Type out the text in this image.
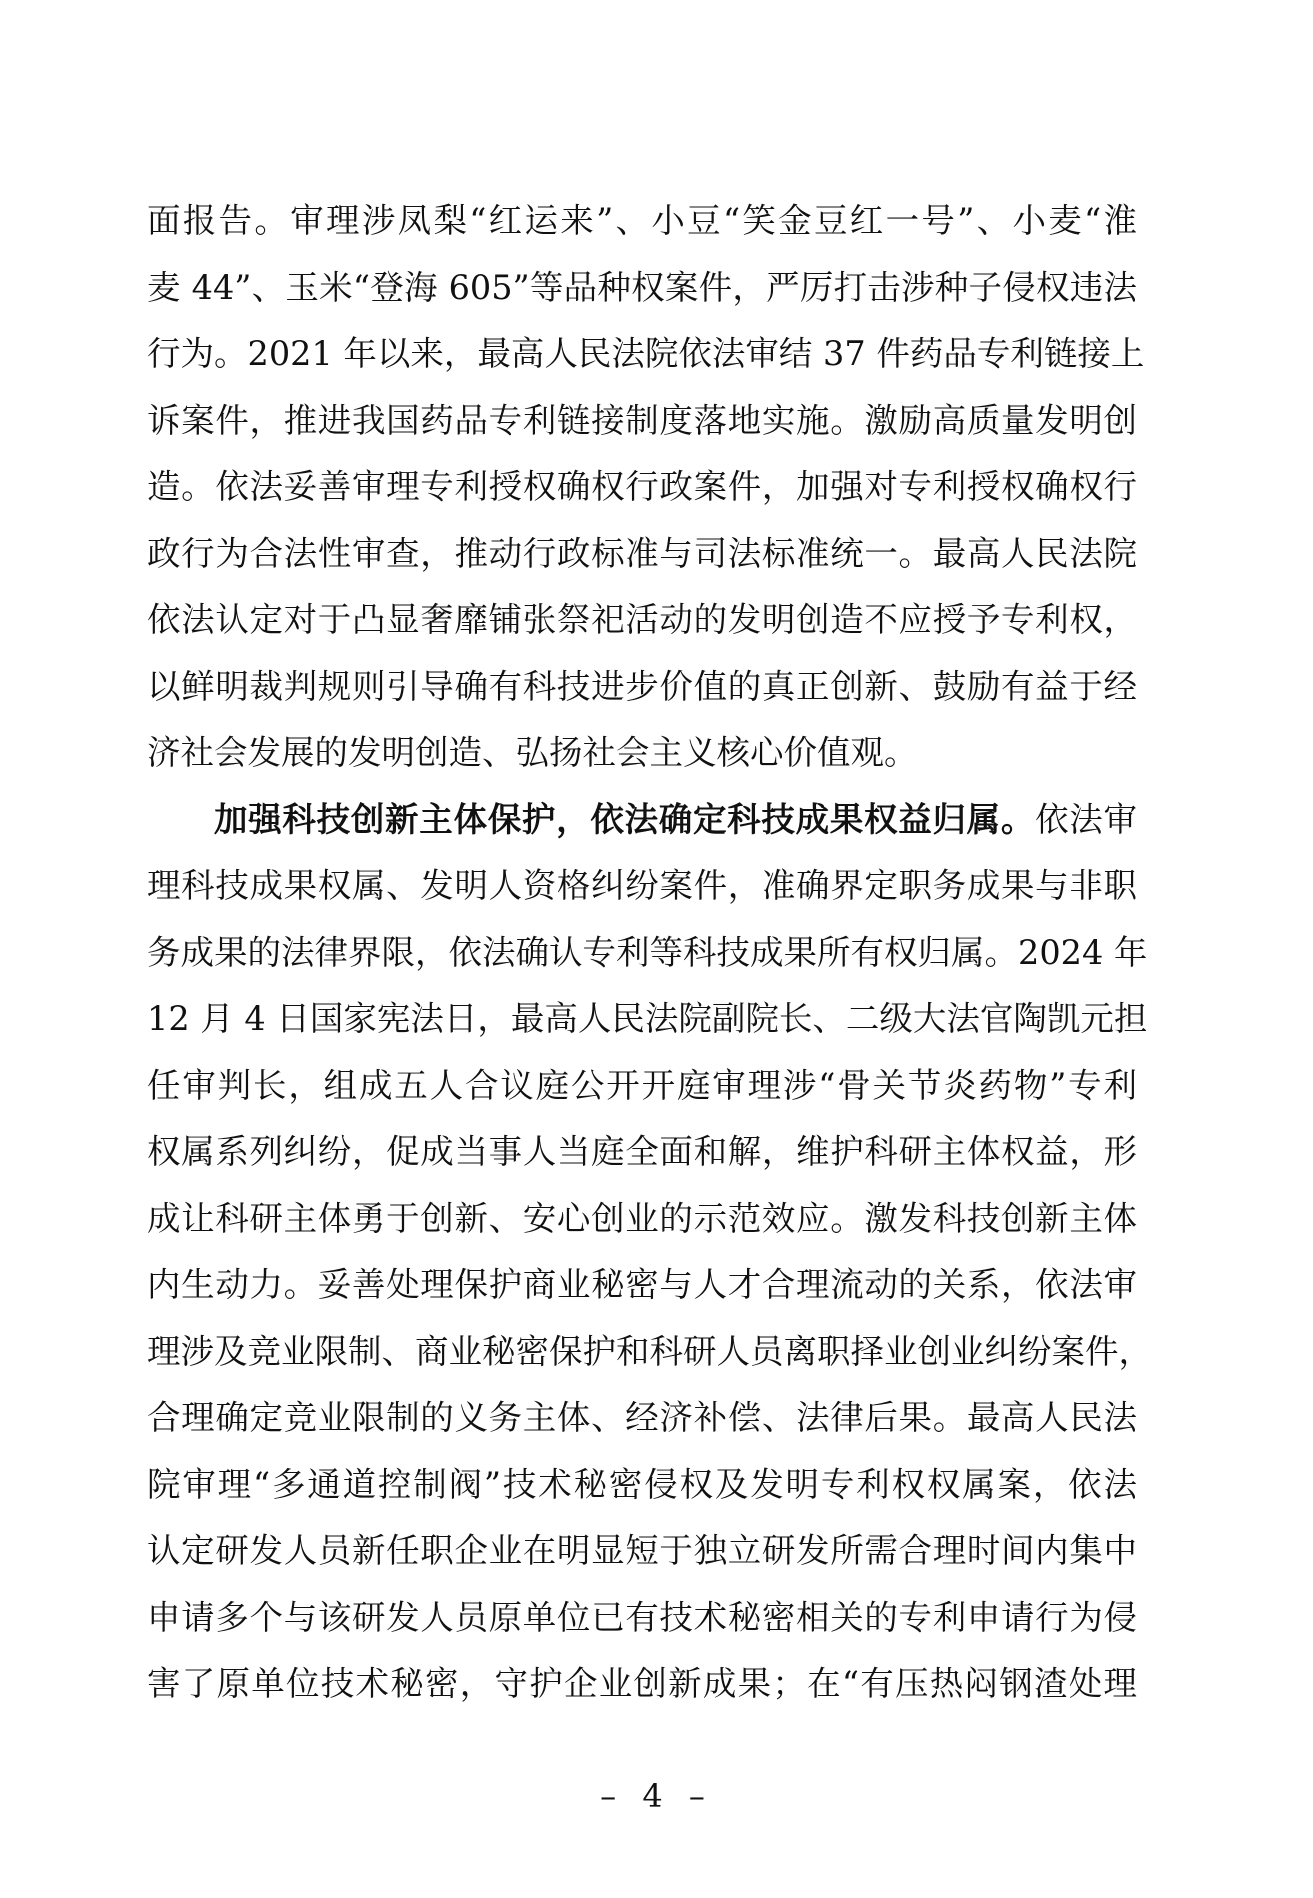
面报告。审理涉凤梨“红运来”、小豆“笑金豆红一号”、小麦“淮
麦 44”、玉米“登海 605”等品种权案件，严厉打击涉种子侵权违法
行为。2021 年以来，最高人民法院依法审结 37 件药品专利链接上
诉案件，推进我国药品专利链接制度落地实施。激励高质量发明创
造。依法妥善审理专利授权确权行政案件，加强对专利授权确权行
政行为合法性审查，推动行政标准与司法标准统一。最高人民法院
依法认定对于凸显奢靡铺张祭祀活动的发明创造不应授予专利权，
以鲜明裁判规则引导确有科技进步价值的真正创新、鼓励有益于经
济社会发展的发明创造、弘扬社会主义核心价值观。
加强科技创新主体保护，依法确定科技成果权益归属。依法审
理科技成果权属、发明人资格纠纷案件，准确界定职务成果与非职
务成果的法律界限，依法确认专利等科技成果所有权归属。2024 年
12 月 4 日国家宪法日，最高人民法院副院长、二级大法官陶凯元担
任审判长，组成五人合议庭公开开庭审理涉“骨关节炎药物”专利
权属系列纠纷，促成当事人当庭全面和解，维护科研主体权益，形
成让科研主体勇于创新、安心创业的示范效应。激发科技创新主体
内生动力。妥善处理保护商业秘密与人才合理流动的关系，依法审
理涉及竞业限制、商业秘密保护和科研人员离职择业创业纠纷案件，
合理确定竞业限制的义务主体、经济补偿、法律后果。最高人民法
院审理“多通道控制阀”技术秘密侵权及发明专利权权属案，依法
认定研发人员新任职企业在明显短于独立研发所需合理时间内集中
申请多个与该研发人员原单位已有技术秘密相关的专利申请行为侵
害了原单位技术秘密，守护企业创新成果；在“有压热闷钢渣处理
– 4 –
